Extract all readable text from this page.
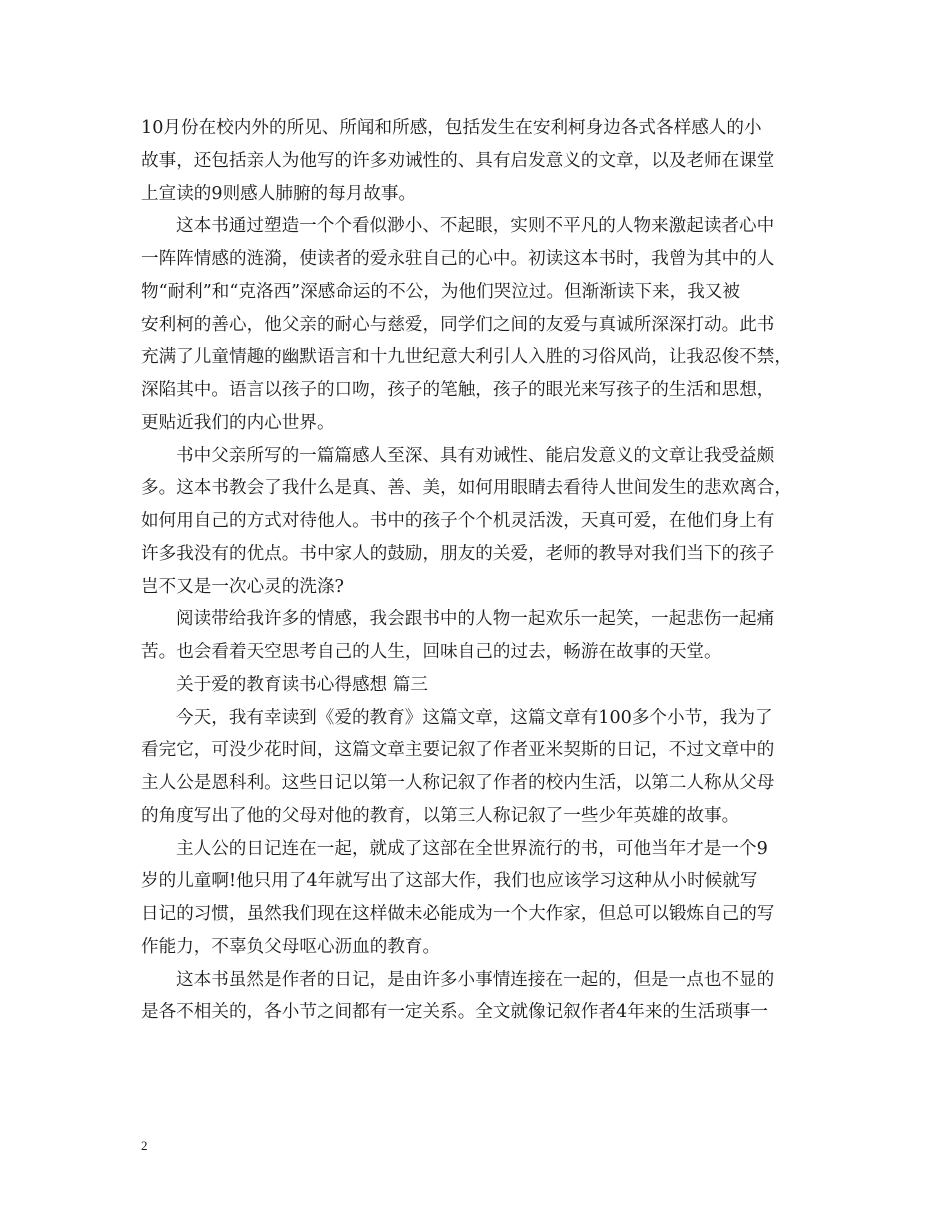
10月份在校内外的所见、所闻和所感，包括发生在安利柯身边各式各样感人的小
故事，还包括亲人为他写的许多劝诫性的、具有启发意义的文章，以及老师在课堂
上宣读的9则感人肺腑的每月故事。
这本书通过塑造一个个看似渺小、不起眼，实则不平凡的人物来激起读者心中
一阵阵情感的涟漪，使读者的爱永驻自己的心中。初读这本书时，我曾为其中的人
物“耐利”和“克洛西”深感命运的不公，为他们哭泣过。但渐渐读下来，我又被
安利柯的善心，他父亲的耐心与慈爱，同学们之间的友爱与真诚所深深打动。此书
充满了儿童情趣的幽默语言和十九世纪意大利引人入胜的习俗风尚，让我忍俊不禁，
深陷其中。语言以孩子的口吻，孩子的笔触，孩子的眼光来写孩子的生活和思想，
更贴近我们的内心世界。
书中父亲所写的一篇篇感人至深、具有劝诫性、能启发意义的文章让我受益颇
多。这本书教会了我什么是真、善、美，如何用眼睛去看待人世间发生的悲欢离合，
如何用自己的方式对待他人。书中的孩子个个机灵活泼，天真可爱，在他们身上有
许多我没有的优点。书中家人的鼓励，朋友的关爱，老师的教导对我们当下的孩子
岂不又是一次心灵的洗涤?
阅读带给我许多的情感，我会跟书中的人物一起欢乐一起笑，一起悲伤一起痛
苦。也会看着天空思考自己的人生，回味自己的过去，畅游在故事的天堂。
关于爱的教育读书心得感想 篇三
今天，我有幸读到《爱的教育》这篇文章，这篇文章有100多个小节，我为了
看完它，可没少花时间，这篇文章主要记叙了作者亚米契斯的日记，不过文章中的
主人公是恩科利。这些日记以第一人称记叙了作者的校内生活，以第二人称从父母
的角度写出了他的父母对他的教育，以第三人称记叙了一些少年英雄的故事。
主人公的日记连在一起，就成了这部在全世界流行的书，可他当年才是一个9
岁的儿童啊!他只用了4年就写出了这部大作，我们也应该学习这种从小时候就写
日记的习惯，虽然我们现在这样做未必能成为一个大作家，但总可以锻炼自己的写
作能力，不辜负父母呕心沥血的教育。
这本书虽然是作者的日记，是由许多小事情连接在一起的，但是一点也不显的
是各不相关的，各小节之间都有一定关系。全文就像记叙作者4年来的生活琐事一
2
